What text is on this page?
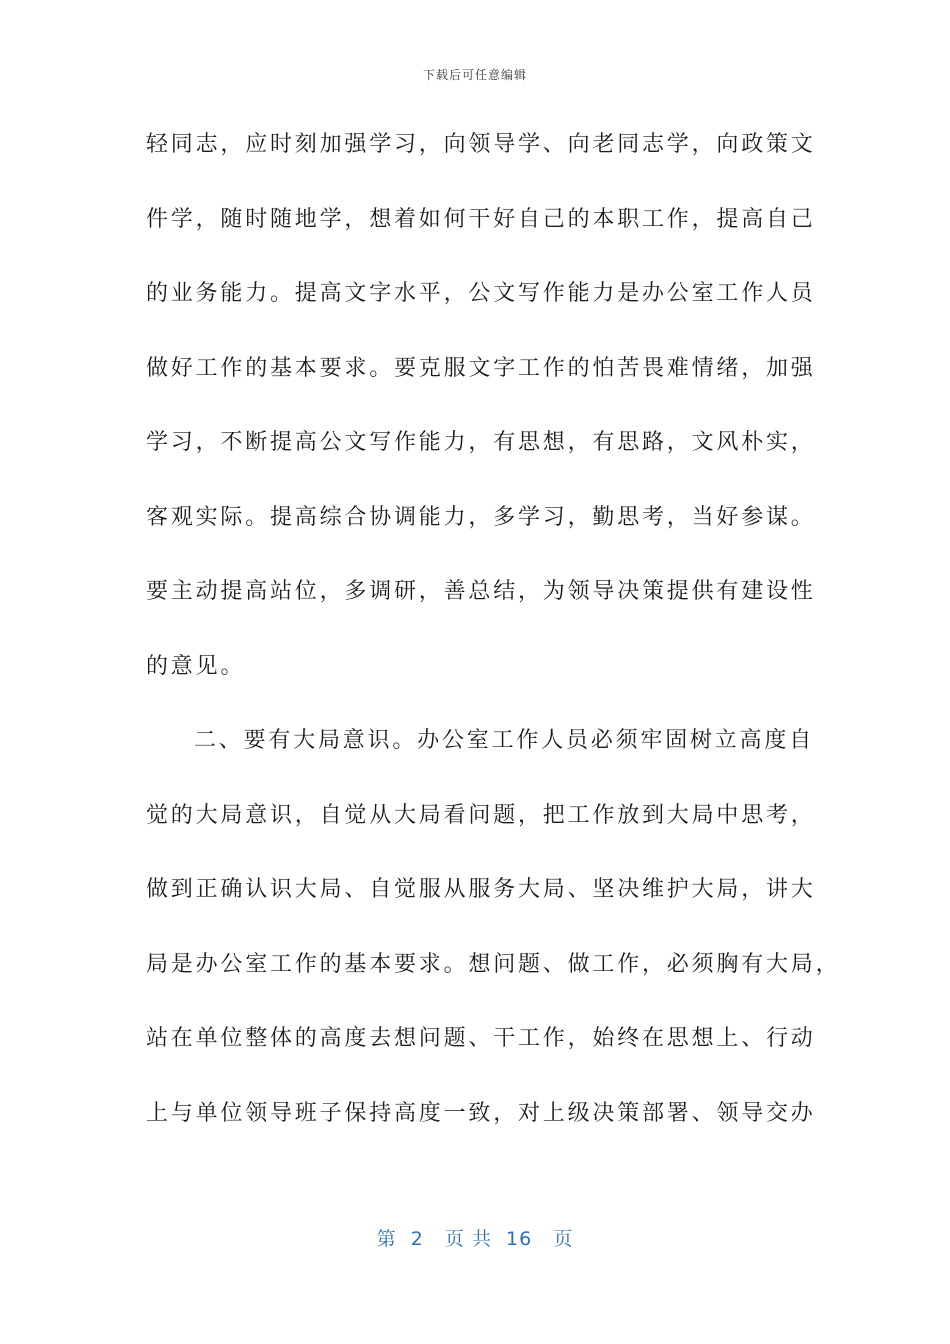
下载后可任意编辑
轻同志，应时刻加强学习，向领导学、向老同志学，向政策文
件学，随时随地学，想着如何干好自己的本职工作，提高自己
的业务能力。提高文字水平，公文写作能力是办公室工作人员
做好工作的基本要求。要克服文字工作的怕苦畏难情绪，加强
学习，不断提高公文写作能力，有思想，有思路，文风朴实，
客观实际。提高综合协调能力，多学习，勤思考，当好参谋。
要主动提高站位，多调研，善总结，为领导决策提供有建设性
的意见。
二、要有大局意识。办公室工作人员必须牢固树立高度自
觉的大局意识，自觉从大局看问题，把工作放到大局中思考，
做到正确认识大局、自觉服从服务大局、坚决维护大局，讲大
局是办公室工作的基本要求。想问题、做工作，必须胸有大局，
站在单位整体的高度去想问题、干工作，始终在思想上、行动
上与单位领导班子保持高度一致，对上级决策部署、领导交办
第  2   页 共  16   页
